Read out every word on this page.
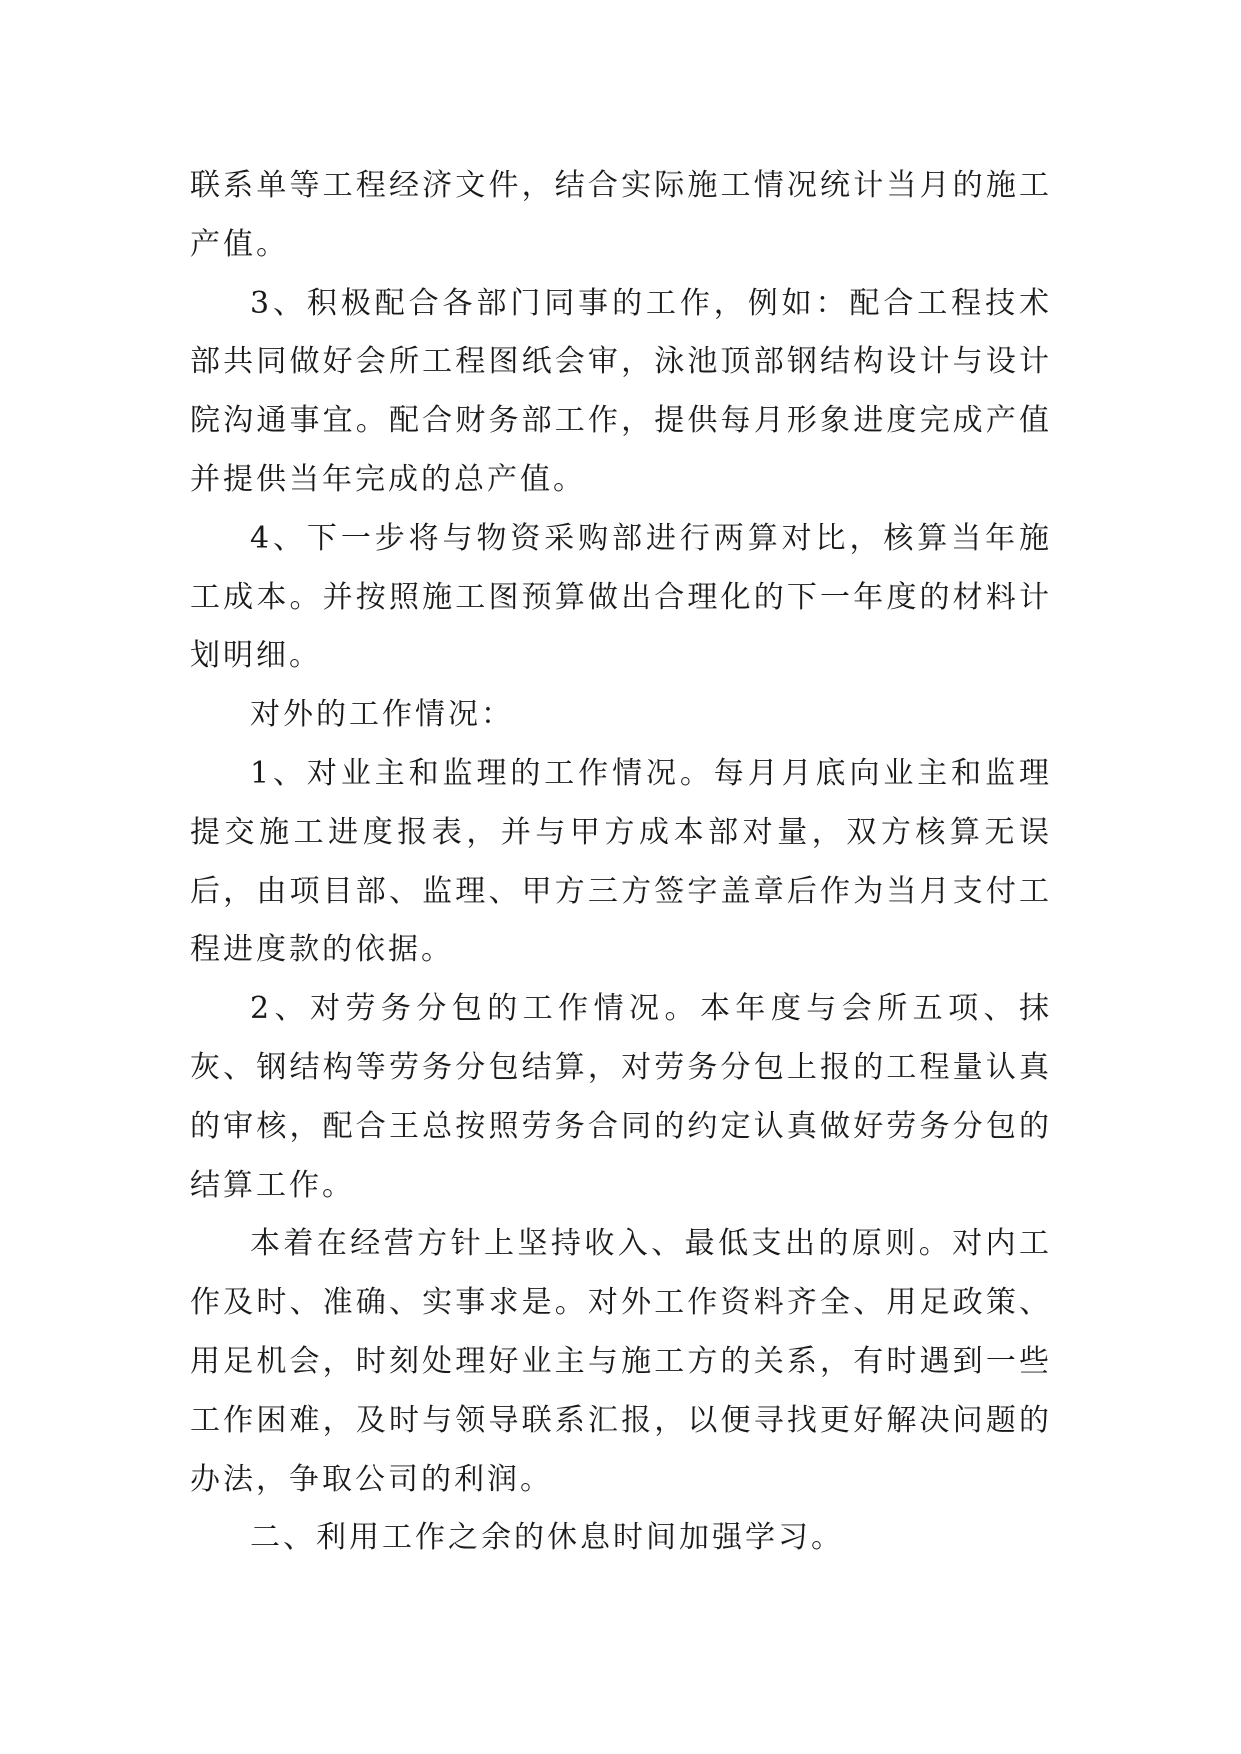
联系单等工程经济文件，结合实际施工情况统计当月的施工产值。

3、积极配合各部门同事的工作，例如：配合工程技术部共同做好会所工程图纸会审，泳池顶部钢结构设计与设计院沟通事宜。配合财务部工作，提供每月形象进度完成产值并提供当年完成的总产值。

4、下一步将与物资采购部进行两算对比，核算当年施工成本。并按照施工图预算做出合理化的下一年度的材料计划明细。

对外的工作情况：

1、对业主和监理的工作情况。每月月底向业主和监理提交施工进度报表，并与甲方成本部对量，双方核算无误后，由项目部、监理、甲方三方签字盖章后作为当月支付工程进度款的依据。

2、对劳务分包的工作情况。本年度与会所五项、抹灰、钢结构等劳务分包结算，对劳务分包上报的工程量认真的审核，配合王总按照劳务合同的约定认真做好劳务分包的结算工作。

本着在经营方针上坚持收入、最低支出的原则。对内工作及时、准确、实事求是。对外工作资料齐全、用足政策、用足机会，时刻处理好业主与施工方的关系，有时遇到一些工作困难，及时与领导联系汇报，以便寻找更好解决问题的办法，争取公司的利润。

二、利用工作之余的休息时间加强学习。
